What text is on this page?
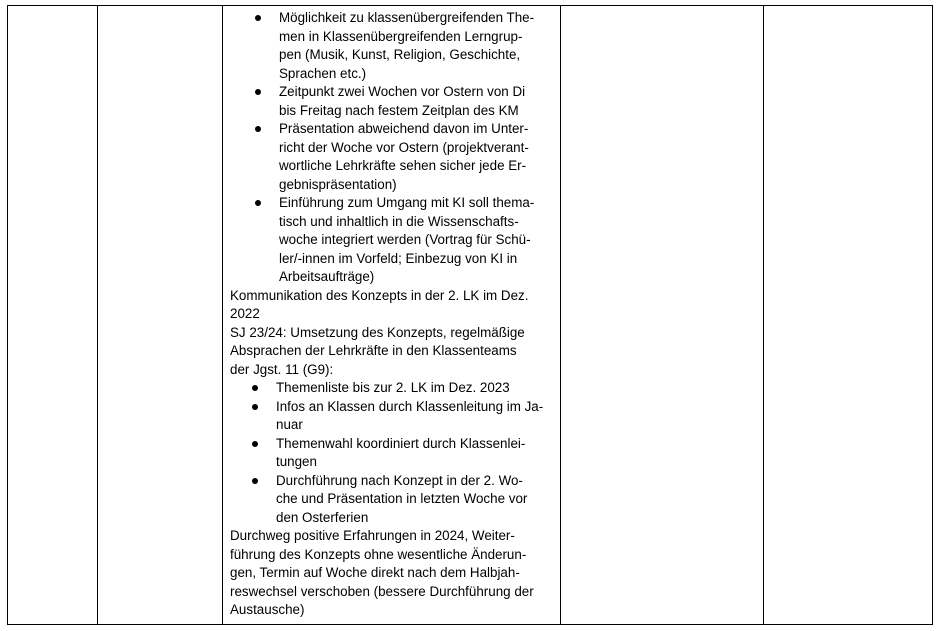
Möglichkeit zu klassenübergreifenden The-
men in Klassenübergreifenden Lerngrup-
pen (Musik, Kunst, Religion, Geschichte,
Sprachen etc.)
Zeitpunkt zwei Wochen vor Ostern von Di
bis Freitag nach festem Zeitplan des KM
Präsentation abweichend davon im Unter-
richt der Woche vor Ostern (projektverant-
wortliche Lehrkräfte sehen sicher jede Er-
gebnispräsentation)
Einführung zum Umgang mit KI soll thema-
tisch und inhaltlich in die Wissenschafts-
woche integriert werden (Vortrag für Schü-
ler/-innen im Vorfeld; Einbezug von KI in
Arbeitsaufträge)
Kommunikation des Konzepts in der 2. LK im Dez.
2022
SJ 23/24: Umsetzung des Konzepts, regelmäßige
Absprachen der Lehrkräfte in den Klassenteams
der Jgst. 11 (G9):
Themenliste bis zur 2. LK im Dez. 2023
Infos an Klassen durch Klassenleitung im Ja-
nuar
Themenwahl koordiniert durch Klassenlei-
tungen
Durchführung nach Konzept in der 2. Wo-
che und Präsentation in letzten Woche vor
den Osterferien
Durchweg positive Erfahrungen in 2024, Weiter-
führung des Konzepts ohne wesentliche Änderun-
gen, Termin auf Woche direkt nach dem Halbjah-
reswechsel verschoben (bessere Durchführung der
Austausche)
